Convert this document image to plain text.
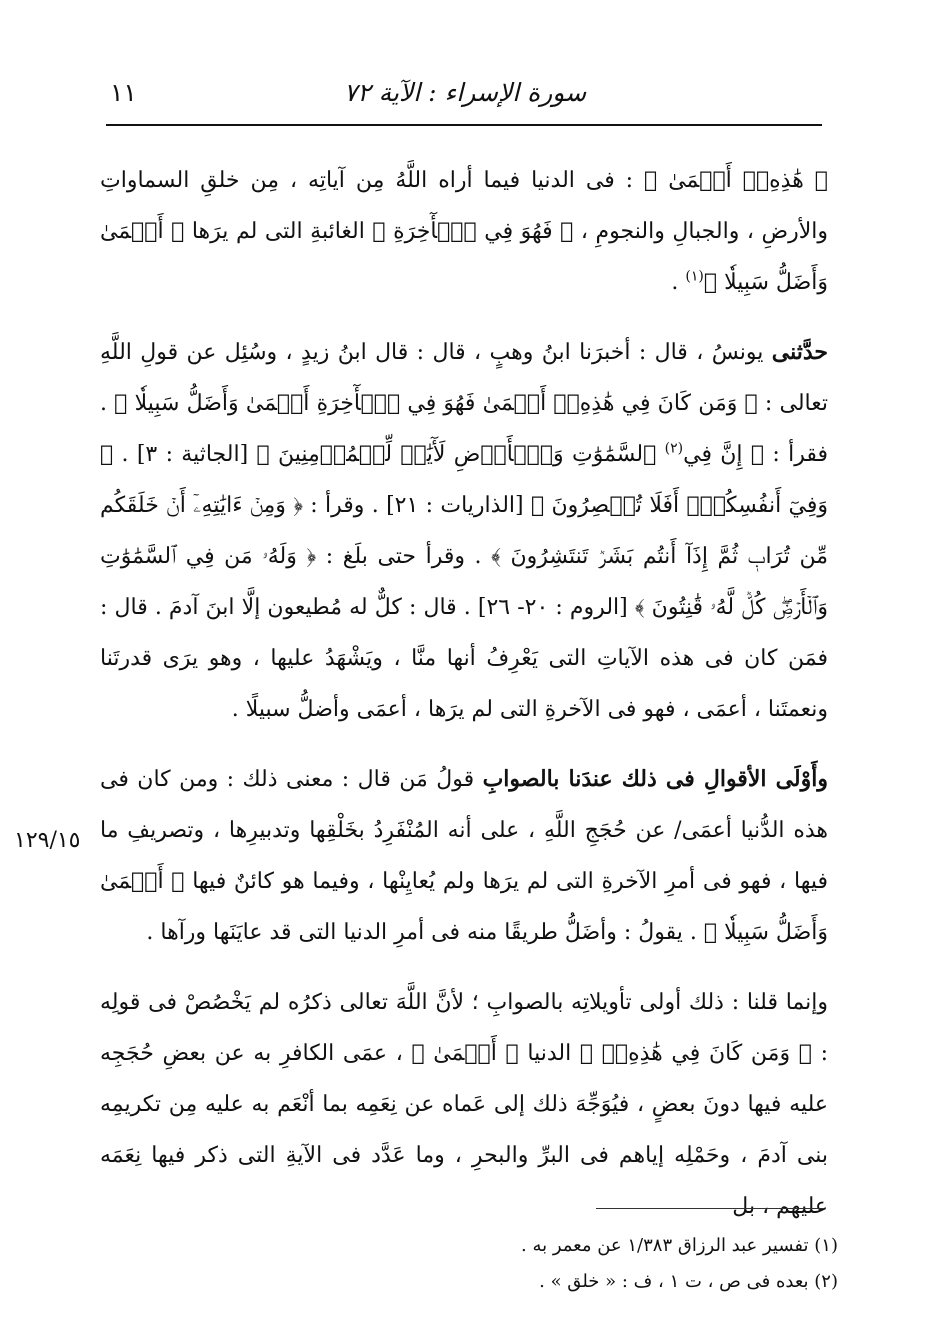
سورة الإسراء : الآية ٧٢
١١
﴿ هَٰذِهِۦٓ أَعۡمَىٰ ﴾ : فى الدنيا فيما أراه اللَّهُ مِن آياتِه ، مِن خلقِ السماواتِ والأرضِ ، والجبالِ والنجومِ ، ﴿ فَهُوَ فِي ٱلۡأٓخِرَةِ ﴾ الغائبةِ التى لم يرَها ﴿ أَعۡمَىٰ وَأَضَلُّ سَبِيلٗا ﴾$^{(١)}$ .
حدَّثنى يونسُ ، قال : أخبرَنا ابنُ وهبٍ ، قال : قال ابنُ زيدٍ ، وسُئِل عن قولِ اللَّهِ تعالى : ﴿ وَمَن كَانَ فِي هَٰذِهِۦٓ أَعۡمَىٰ فَهُوَ فِي ٱلۡأٓخِرَةِ أَعۡمَىٰ وَأَضَلُّ سَبِيلٗا ﴾ . فقرأ : ﴿ إِنَّ فِي$^{(٢)}$ ٱلسَّمَٰوَٰتِ وَٱلۡأَرۡضِ لَأٓيَٰتٖ لِّلۡمُؤۡمِنِينَ ﴾ [الجاثية : ٣] . ﴿ وَفِيٓ أَنفُسِكُمۡۚ أَفَلَا تُبۡصِرُونَ ﴾ [الذاريات : ٢١] . وقرأ : ﴿ وَمِنۡ ءَايَٰتِهِۦٓ أَنۡ خَلَقَكُم مِّن تُرَابٖ ثُمَّ إِذَآ أَنتُم بَشَرٞ تَنتَشِرُونَ ﴾ . وقرأ حتى بلَغ : ﴿ وَلَهُۥ مَن فِي ٱلسَّمَٰوَٰتِ وَٱلۡأَرۡضِۖ كُلّٞ لَّهُۥ قَٰنِتُونَ ﴾ [الروم : ٢٠- ٢٦] . قال : كلٌّ له مُطيعون إلَّا ابنَ آدمَ . قال : فمَن كان فى هذه الآياتِ التى يَعْرِفُ أنها منَّا ، ويَشْهَدُ عليها ، وهو يرَى قدرتَنا ونعمتَنا ، أعمَى ، فهو فى الآخرةِ التى لم يرَها ، أعمَى وأضلُّ سبيلًا .
وأَوْلَى الأقوالِ فى ذلك عندَنا بالصوابِ قولُ مَن قال : معنى ذلك : ومن كان فى هذه الدُّنيا أعمَى/ عن حُجَجِ اللَّهِ ، على أنه المُنْفَرِدُ بخَلْقِها وتدبيرِها ، وتصريفِ ما فيها ، فهو فى أمرِ الآخرةِ التى لم يرَها ولم يُعايِنْها ، وفيما هو كائنٌ فيها ﴿ أَعۡمَىٰ وَأَضَلُّ سَبِيلٗا ﴾ . يقولُ : وأضَلُّ طريقًا منه فى أمرِ الدنيا التى قد عايَنَها ورآها .
وإنما قلنا : ذلك أولى تأويلاتِه بالصوابِ ؛ لأنَّ اللَّهَ تعالى ذكرُه لم يَخْصُصْ فى قولِه : ﴿ وَمَن كَانَ فِي هَٰذِهِۦٓ ﴾ الدنيا ﴿ أَعۡمَىٰ ﴾ ، عمَى الكافرِ به عن بعضِ حُجَجِه عليه فيها دونَ بعضٍ ، فيُوَجِّهَ ذلك إلى عَماه عن نِعَمِه بما أنْعَم به عليه مِن تكريمِه بنى آدمَ ، وحَمْلِه إياهم فى البرِّ والبحرِ ، وما عَدَّد فى الآيةِ التى ذكر فيها نِعَمَه عليهم ، بل
١٢٩/١٥
(١) تفسير عبد الرزاق ١/٣٨٣ عن معمر به .
(٢) بعده فى ص ، ت ١ ، ف : « خلق » .
